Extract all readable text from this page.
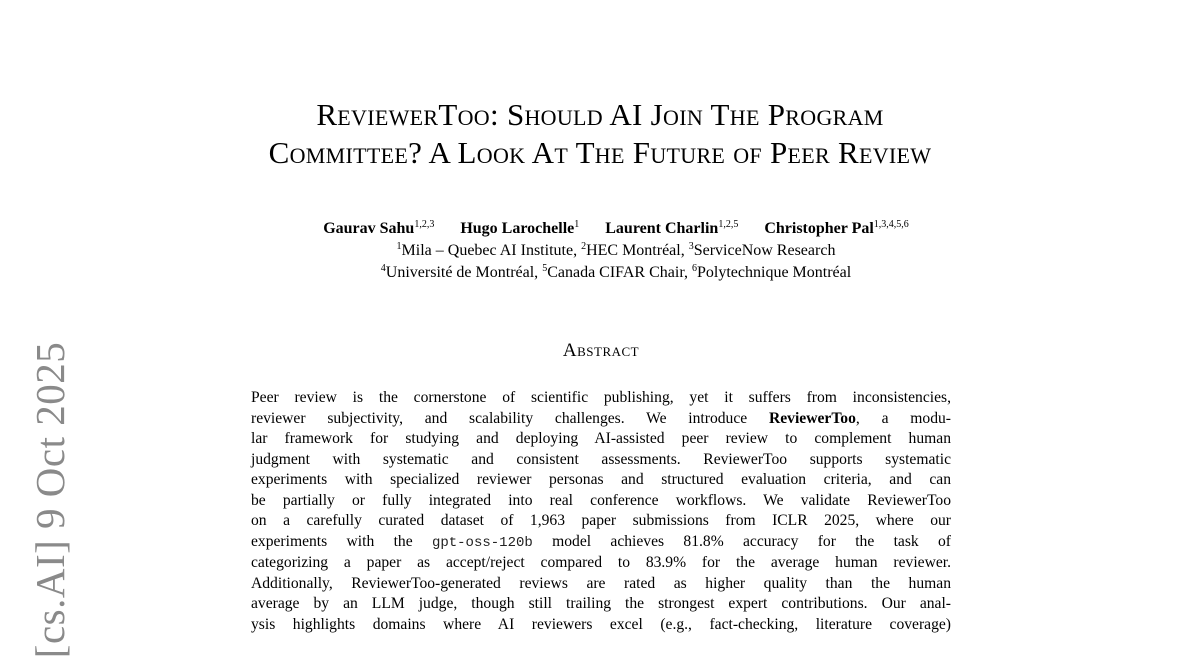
[cs.AI] 9 Oct 2025
ReviewerToo: Should AI Join The Program
Committee? A Look At The Future of Peer Review
Gaurav Sahu$^{1,2,3}$ Hugo Larochelle$^1$ Laurent Charlin$^{1,2,5}$ Christopher Pal$^{1,3,4,5,6}$
$^1$Mila – Quebec AI Institute, $^2$HEC Montréal, $^3$ServiceNow Research
$^4$Université de Montréal, $^5$Canada CIFAR Chair, $^6$Polytechnique Montréal
Abstract
Peer review is the cornerstone of scientific publishing, yet it suffers from inconsistencies,
reviewer subjectivity, and scalability challenges. We introduce ReviewerToo, a modu-
lar framework for studying and deploying AI-assisted peer review to complement human
judgment with systematic and consistent assessments. ReviewerToo supports systematic
experiments with specialized reviewer personas and structured evaluation criteria, and can
be partially or fully integrated into real conference workflows. We validate ReviewerToo
on a carefully curated dataset of 1,963 paper submissions from ICLR 2025, where our
experiments with the gpt-oss-120b model achieves 81.8% accuracy for the task of
categorizing a paper as accept/reject compared to 83.9% for the average human reviewer.
Additionally, ReviewerToo-generated reviews are rated as higher quality than the human
average by an LLM judge, though still trailing the strongest expert contributions. Our anal-
ysis highlights domains where AI reviewers excel (e.g., fact-checking, literature coverage)
